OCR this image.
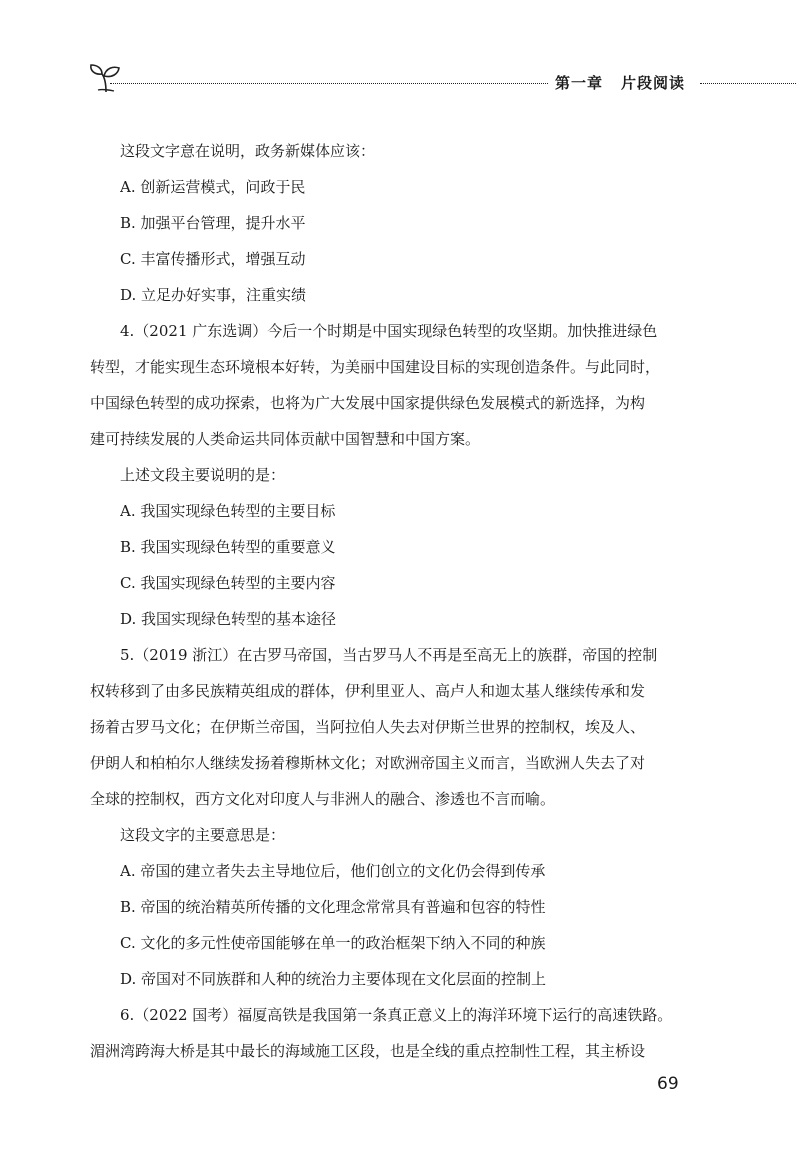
第一章 片段阅读
这段文字意在说明，政务新媒体应该：
A. 创新运营模式，问政于民
B. 加强平台管理，提升水平
C. 丰富传播形式，增强互动
D. 立足办好实事，注重实绩
4.（2021 广东选调）今后一个时期是中国实现绿色转型的攻坚期。加快推进绿色
转型，才能实现生态环境根本好转，为美丽中国建设目标的实现创造条件。与此同时，
中国绿色转型的成功探索，也将为广大发展中国家提供绿色发展模式的新选择，为构
建可持续发展的人类命运共同体贡献中国智慧和中国方案。
上述文段主要说明的是：
A. 我国实现绿色转型的主要目标
B. 我国实现绿色转型的重要意义
C. 我国实现绿色转型的主要内容
D. 我国实现绿色转型的基本途径
5.（2019 浙江）在古罗马帝国，当古罗马人不再是至高无上的族群，帝国的控制
权转移到了由多民族精英组成的群体，伊利里亚人、高卢人和迦太基人继续传承和发
扬着古罗马文化；在伊斯兰帝国，当阿拉伯人失去对伊斯兰世界的控制权，埃及人、
伊朗人和柏柏尔人继续发扬着穆斯林文化；对欧洲帝国主义而言，当欧洲人失去了对
全球的控制权，西方文化对印度人与非洲人的融合、渗透也不言而喻。
这段文字的主要意思是：
A. 帝国的建立者失去主导地位后，他们创立的文化仍会得到传承
B. 帝国的统治精英所传播的文化理念常常具有普遍和包容的特性
C. 文化的多元性使帝国能够在单一的政治框架下纳入不同的种族
D. 帝国对不同族群和人种的统治力主要体现在文化层面的控制上
6.（2022 国考）福厦高铁是我国第一条真正意义上的海洋环境下运行的高速铁路。
湄洲湾跨海大桥是其中最长的海域施工区段，也是全线的重点控制性工程，其主桥设
69
